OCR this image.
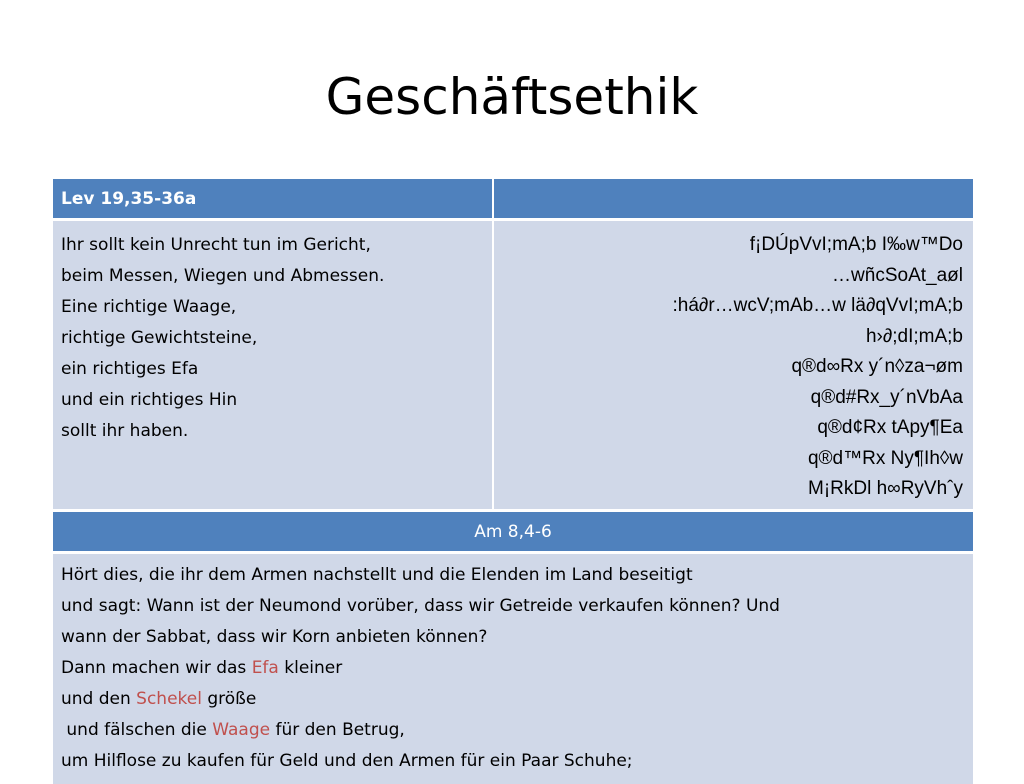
Geschäftsethik
Lev 19,35-36a
Ihr sollt kein Unrecht tun im Gericht,
beim Messen, Wiegen und Abmessen.
Eine richtige Waage,
richtige Gewichtsteine,
ein richtiges Efa
und ein richtiges Hin
sollt ihr haben.
f¡DÚpVvI;mA;b I‰w™Do
…wñcSoAt_aøl
:há∂r…wcV;mAb…w lä∂qVvI;mA;b
h›∂;dI;mA;b
q®d∞Rx y´n◊za¬øm
q®d#Rx_y´nVbAa
q®d¢Rx tApy¶Ea
q®d™Rx Ny¶Ih◊w
M¡RkDl h∞RyVhˆy
Am 8,4-6
Hört dies, die ihr dem Armen nachstellt und die Elenden im Land beseitigt
und sagt: Wann ist der Neumond vorüber, dass wir Getreide verkaufen können? Und
wann der Sabbat, dass wir Korn anbieten können?
Dann machen wir das Efa kleiner
und den Schekel größe
und fälschen die Waage für den Betrug,
um Hilflose zu kaufen für Geld und den Armen für ein Paar Schuhe;
